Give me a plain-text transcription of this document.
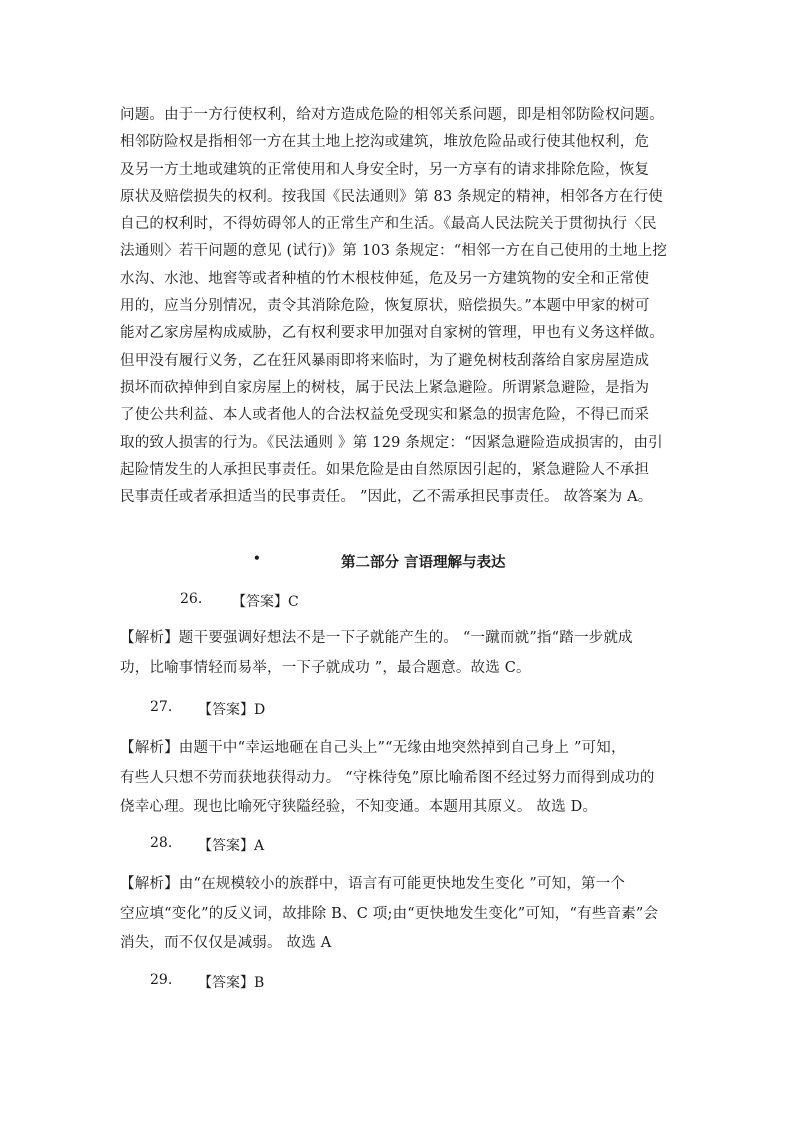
问题。由于一方行使权利，给对方造成危险的相邻关系问题，即是相邻防险权问题。
相邻防险权是指相邻一方在其土地上挖沟或建筑，堆放危险品或行使其他权利，危
及另一方土地或建筑的正常使用和人身安全时，另一方享有的请求排除危险，恢复
原状及赔偿损失的权利。按我国《民法通则》第 83 条规定的精神，相邻各方在行使
自己的权利时，不得妨碍邻人的正常生产和生活。《最高人民法院关于贯彻执行〈民
法通则〉若干问题的意见 (试行)》第 103 条规定：“相邻一方在自己使用的土地上挖
水沟、水池、地窖等或者种植的竹木根枝伸延，危及另一方建筑物的安全和正常使
用的，应当分别情况，责令其消除危险，恢复原状，赔偿损失。”本题中甲家的树可
能对乙家房屋构成威胁，乙有权利要求甲加强对自家树的管理，甲也有义务这样做。
但甲没有履行义务，乙在狂风暴雨即将来临时，为了避免树枝刮落给自家房屋造成
损坏而砍掉伸到自家房屋上的树枝，属于民法上紧急避险。所谓紧急避险，是指为
了使公共利益、本人或者他人的合法权益免受现实和紧急的损害危险，不得已而采
取的致人损害的行为。《民法通则 》第 129 条规定：“因紧急避险造成损害的，由引
起险情发生的人承担民事责任。如果危险是由自然原因引起的，紧急避险人不承担
民事责任或者承担适当的民事责任。 ”因此，乙不需承担民事责任。 故答案为 A。
•	第二部分 言语理解与表达
26. 【答案】C
【解析】题干要强调好想法不是一下子就能产生的。 “一蹴而就”指“踏一步就成
功，比喻事情轻而易举，一下子就成功 ”，最合题意。故选 C。
27. 【答案】D
【解析】由题干中“幸运地砸在自己头上”“无缘由地突然掉到自己身上 ”可知，
有些人只想不劳而获地获得动力。 “守株待兔”原比喻希图不经过努力而得到成功的
侥幸心理。现也比喻死守狭隘经验，不知变通。本题用其原义。 故选 D。
28. 【答案】A
【解析】由“在规模较小的族群中，语言有可能更快地发生变化 ”可知，第一个
空应填“变化”的反义词，故排除 B、C 项;由“更快地发生变化”可知，“有些音素”会
消失，而不仅仅是减弱。 故选 A
29. 【答案】B
